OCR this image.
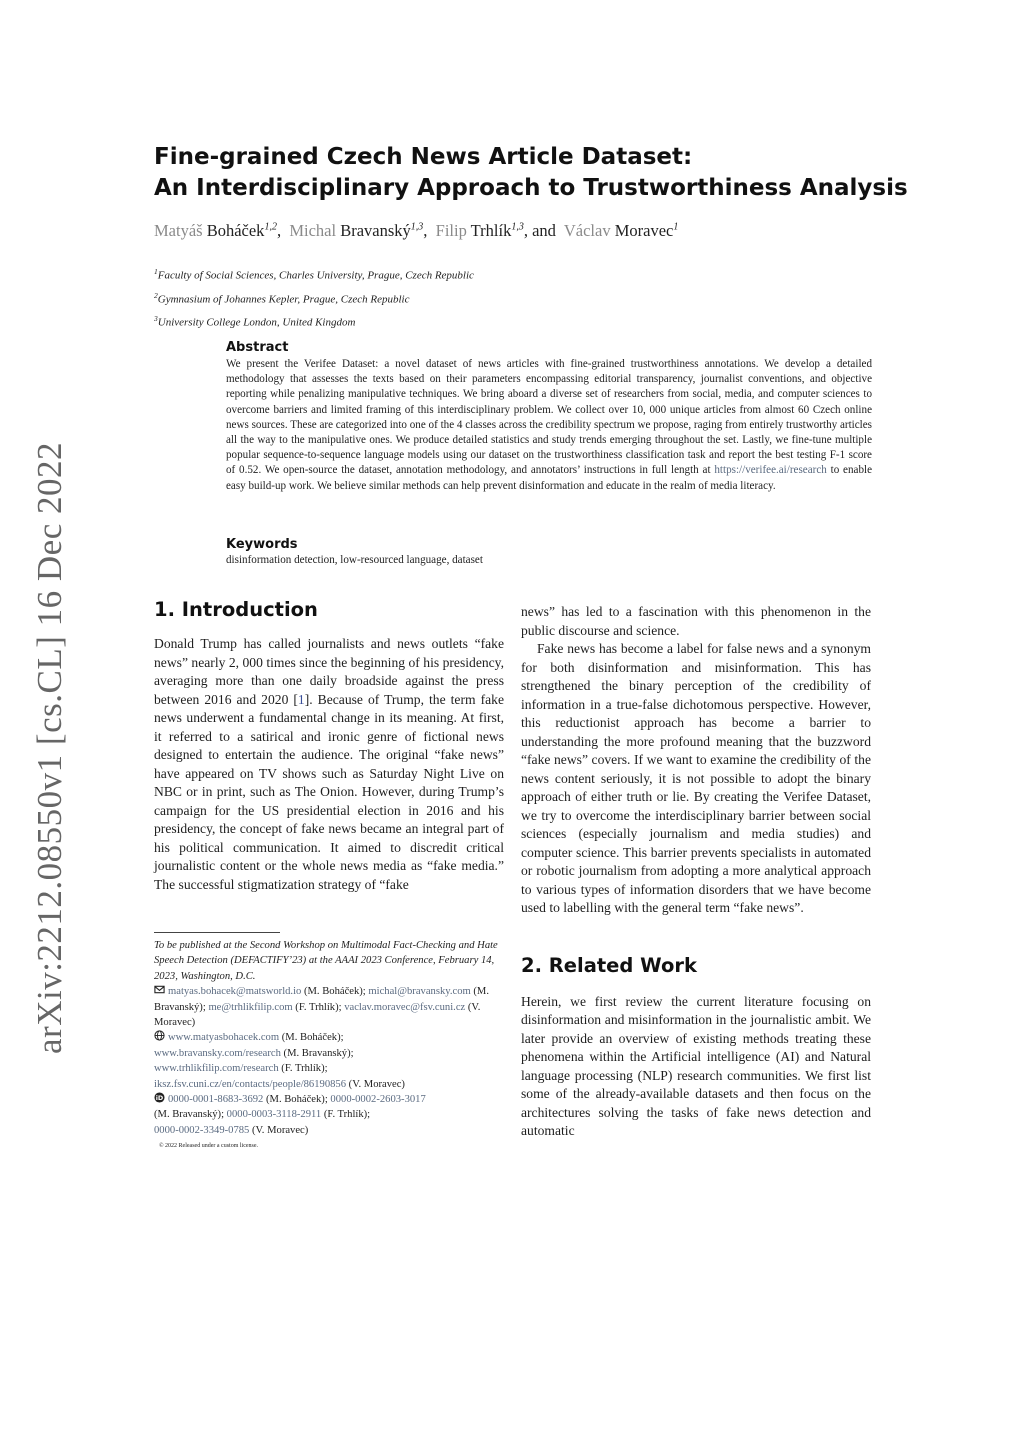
arXiv:2212.08550v1 [cs.CL] 16 Dec 2022
Fine-grained Czech News Article Dataset:
An Interdisciplinary Approach to Trustworthiness Analysis
Matyáš Boháček$^{1,2}$, Michal Bravanský$^{1,3}$, Filip Trhlík$^{1,3}$, and Václav Moravec$^1$
$^1$Faculty of Social Sciences, Charles University, Prague, Czech Republic
$^2$Gymnasium of Johannes Kepler, Prague, Czech Republic
$^3$University College London, United Kingdom
Abstract

We present the Verifee Dataset: a novel dataset of news articles with fine-grained trustworthiness annotations. We develop a detailed methodology that assesses the texts based on their parameters encompassing editorial transparency, journalist conventions, and objective reporting while penalizing manipulative techniques. We bring aboard a diverse set of researchers from social, media, and computer sciences to overcome barriers and limited framing of this interdisciplinary problem. We collect over 10, 000 unique articles from almost 60 Czech online news sources. These are categorized into one of the 4 classes across the credibility spectrum we propose, raging from entirely trustworthy articles all the way to the manipulative ones. We produce detailed statistics and study trends emerging throughout the set. Lastly, we fine-tune multiple popular sequence-to-sequence language models using our dataset on the trustworthiness classification task and report the best testing F-1 score of 0.52. We open-source the dataset, annotation methodology, and annotators’ instructions in full length at https://verifee.ai/research to enable easy build-up work. We believe similar methods can help prevent disinformation and educate in the realm of media literacy.

Keywords

disinformation detection, low-resourced language, dataset

1. Introduction

Donald Trump has called journalists and news outlets “fake news” nearly 2, 000 times since the beginning of his presidency, averaging more than one daily broadside against the press between 2016 and 2020 [1]. Because of Trump, the term fake news underwent a fundamental change in its meaning. At first, it referred to a satirical and ironic genre of fictional news designed to entertain the audience. The original “fake news” have appeared on TV shows such as Saturday Night Live on NBC or in print, such as The Onion. However, during Trump’s campaign for the US presidential election in 2016 and his presidency, the concept of fake news became an integral part of his political communication. It aimed to discredit critical journalistic content or the whole news media as “fake media.” The successful stigmatization strategy of “fake

To be published at the Second Workshop on Multimodal Fact-Checking and Hate Speech Detection (DEFACTIFY’23) at the AAAI 2023 Conference, February 14, 2023, Washington, D.C.
matyas.bohacek@matsworld.io (M. Boháček); michal@bravansky.com (M. Bravanský); me@trhlikfilip.com (F. Trhlík); vaclav.moravec@fsv.cuni.cz (V. Moravec)
www.matyasbohacek.com (M. Boháček);
www.bravansky.com/research (M. Bravanský);
www.trhlikfilip.com/research (F. Trhlík);
iksz.fsv.cuni.cz/en/contacts/people/86190856 (V. Moravec)
iD 0000-0001-8683-3692 (M. Boháček); 0000-0002-2603-3017
(M. Bravanský); 0000-0003-3118-2911 (F. Trhlík);
0000-0002-3349-0785 (V. Moravec)
© 2022 Released under a custom license.

news” has led to a fascination with this phenomenon in the public discourse and science.

Fake news has become a label for false news and a synonym for both disinformation and misinformation. This has strengthened the binary perception of the credibility of information in a true-false dichotomous perspective. However, this reductionist approach has become a barrier to understanding the more profound meaning that the buzzword “fake news” covers. If we want to examine the credibility of the news content seriously, it is not possible to adopt the binary approach of either truth or lie. By creating the Verifee Dataset, we try to overcome the interdisciplinary barrier between social sciences (especially journalism and media studies) and computer science. This barrier prevents specialists in automated or robotic journalism from adopting a more analytical approach to various types of information disorders that we have become used to labelling with the general term “fake news”.

2. Related Work

Herein, we first review the current literature focusing on disinformation and misinformation in the journalistic ambit. We later provide an overview of existing methods treating these phenomena within the Artificial intelligence (AI) and Natural language processing (NLP) research communities. We first list some of the already-available datasets and then focus on the architectures solving the tasks of fake news detection and automatic
